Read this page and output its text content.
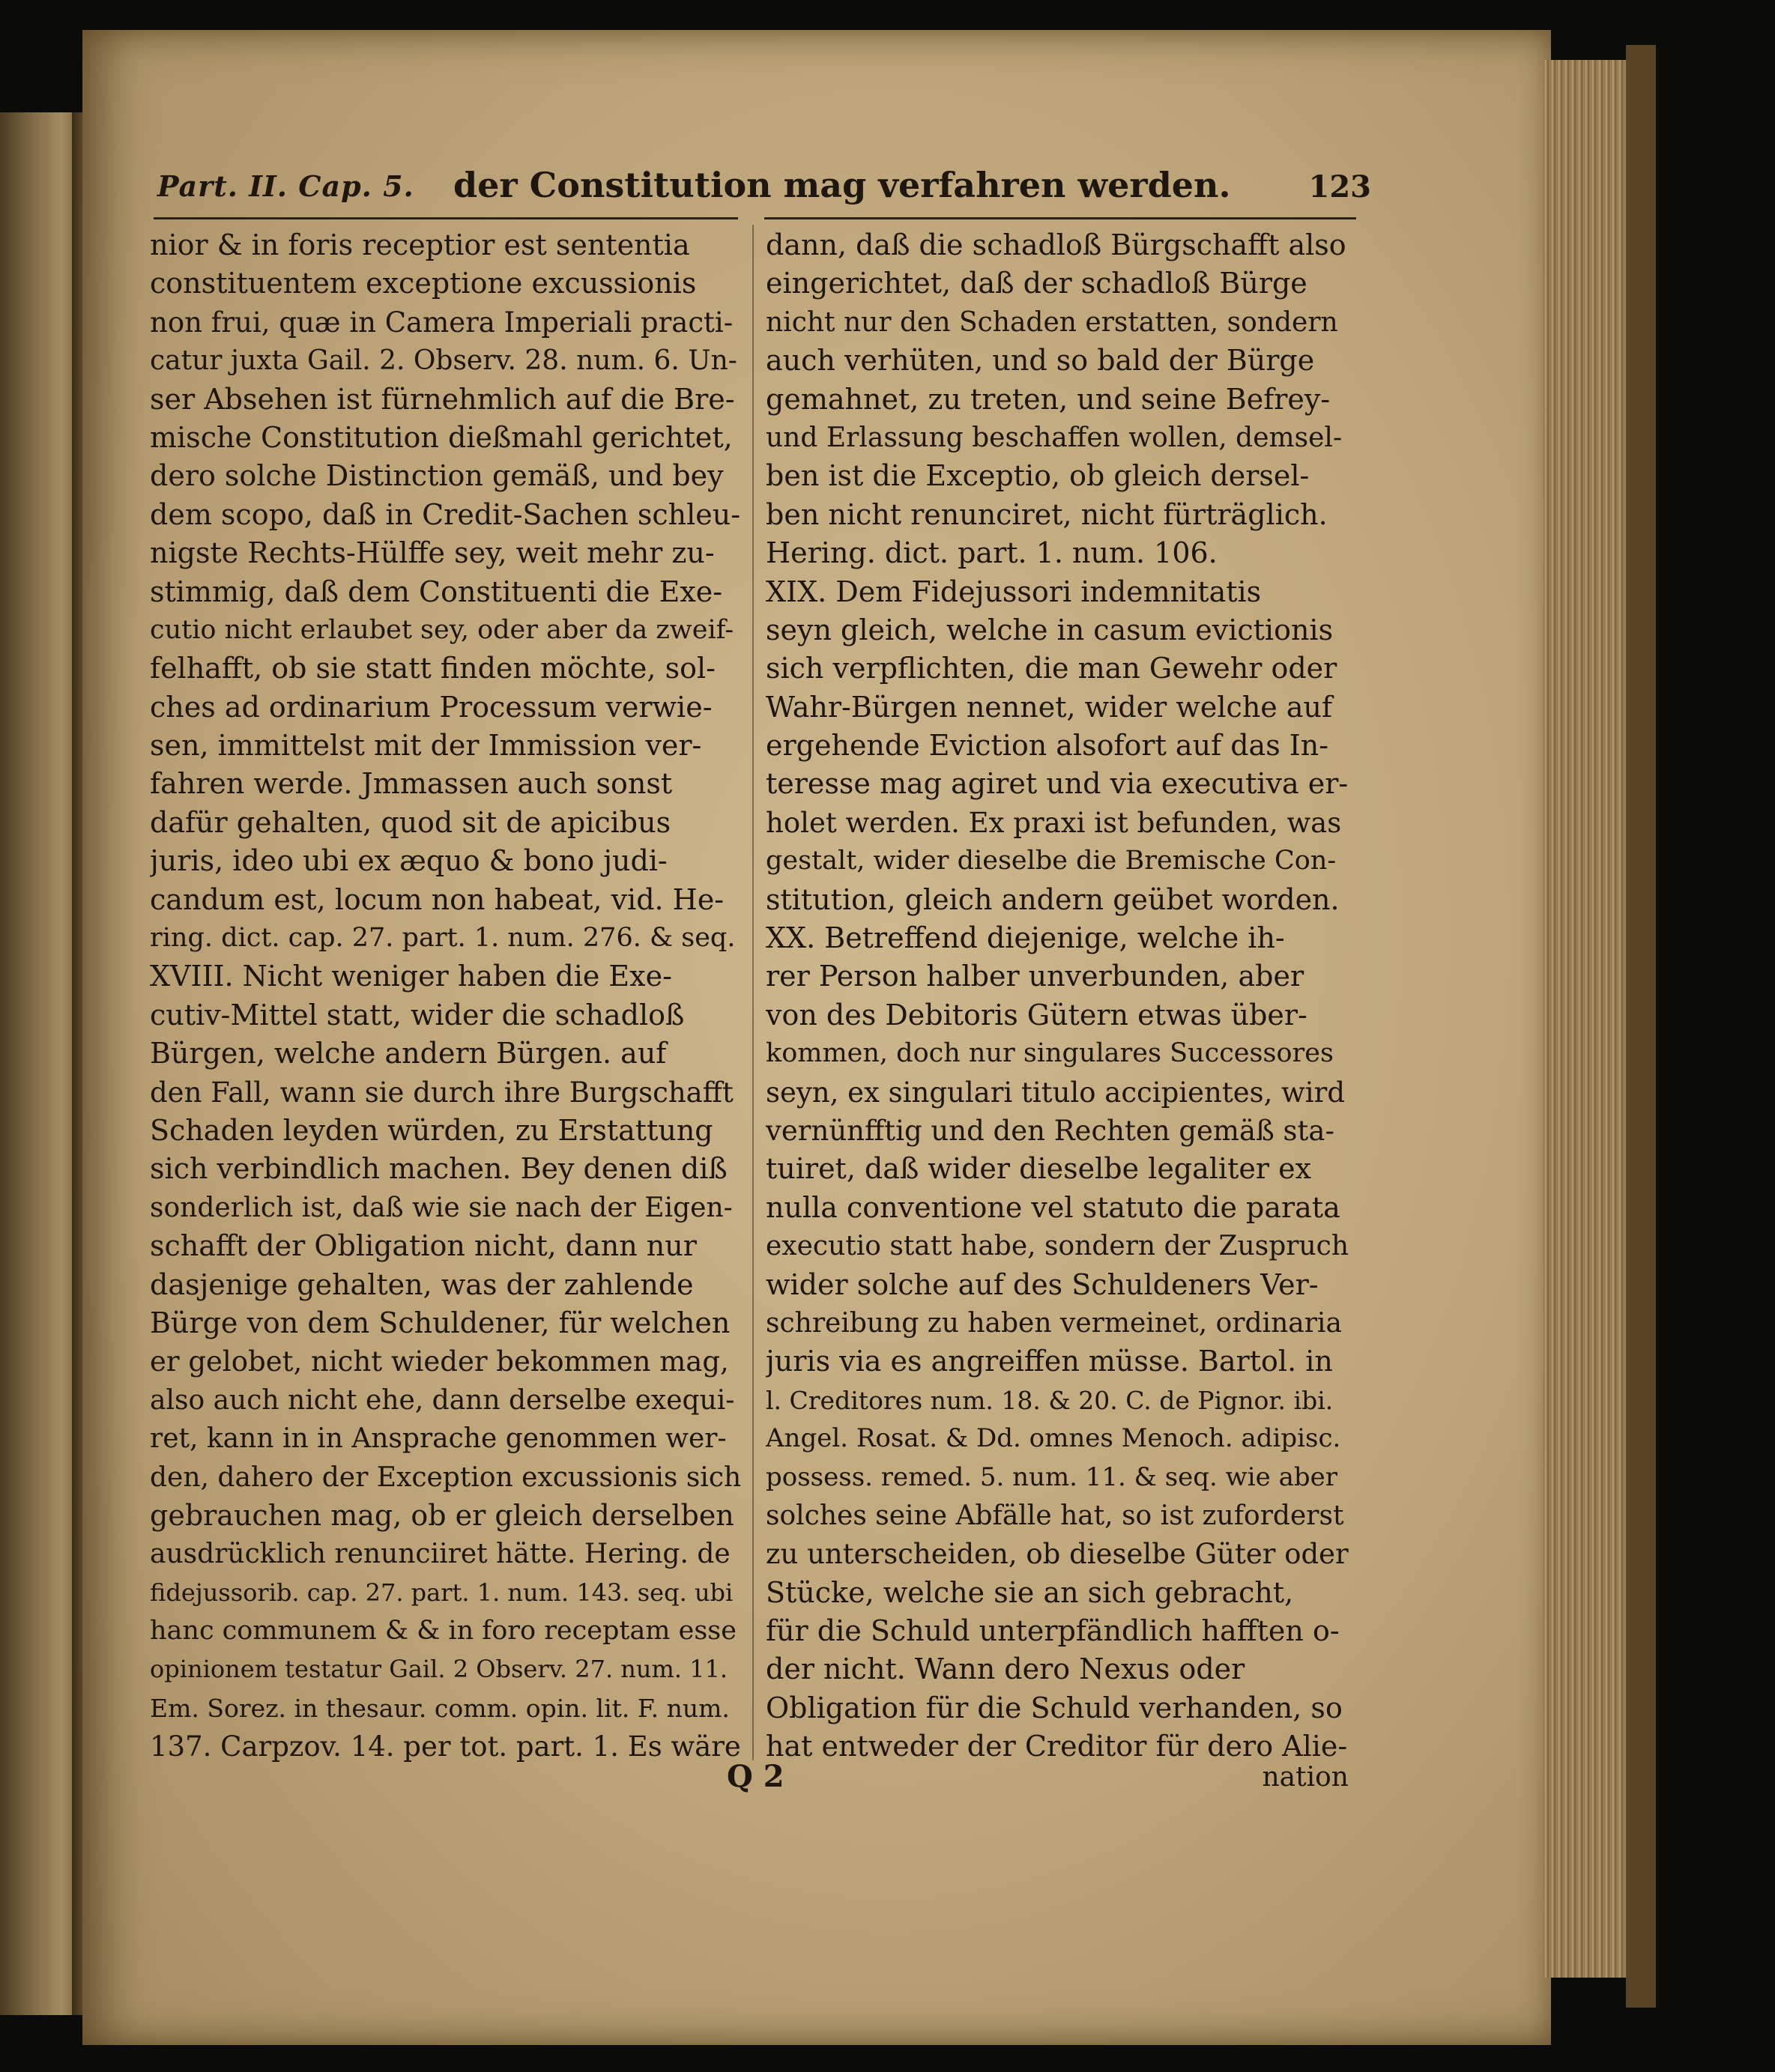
Part. II. Cap. 5. der Constitution mag verfahren werden.	123
nior & in foris receptior est sententia
constituentem exceptione excussionis
non frui, quæ in Camera Imperiali practi-
catur juxta Gail. 2. Observ. 28. num. 6. Un-
ser Absehen ist fürnehmlich auf die Bre-
mische Constitution dießmahl gerichtet,
dero solche Distinction gemäß, und bey
dem scopo, daß in Credit-Sachen schleu-
nigste Rechts-Hülffe sey, weit mehr zu-
stimmig, daß dem Constituenti die Exe-
cutio nicht erlaubet sey, oder aber da zweif-
felhafft, ob sie statt finden möchte, sol-
ches ad ordinarium Processum verwie-
sen, immittelst mit der Immission ver-
fahren werde. Jmmassen auch sonst
dafür gehalten, quod sit de apicibus
juris, ideo ubi ex æquo & bono judi-
candum est, locum non habeat, vid. He-
ring. dict. cap. 27. part. 1. num. 276. & seq.
XVIII. Nicht weniger haben die Exe-
cutiv-Mittel statt, wider die schadloß
Bürgen, welche andern Bürgen. auf
den Fall, wann sie durch ihre Burgschafft
Schaden leyden würden, zu Erstattung
sich verbindlich machen. Bey denen diß
sonderlich ist, daß wie sie nach der Eigen-
schafft der Obligation nicht, dann nur
dasjenige gehalten, was der zahlende
Bürge von dem Schuldener, für welchen
er gelobet, nicht wieder bekommen mag,
also auch nicht ehe, dann derselbe exequi-
ret, kann in in Ansprache genommen wer-
den, dahero der Exception excussionis sich
gebrauchen mag, ob er gleich derselben
ausdrücklich renunciiret hätte. Hering. de
fidejussorib. cap. 27. part. 1. num. 143. seq. ubi
hanc communem & & in foro receptam esse
opinionem testatur Gail. 2 Observ. 27. num. 11.
Em. Sorez. in thesaur. comm. opin. lit. F. num.
137. Carpzov. 14. per tot. part. 1. Es wäre
dann, daß die schadloß Bürgschafft also
eingerichtet, daß der schadloß Bürge
nicht nur den Schaden erstatten, sondern
auch verhüten, und so bald der Bürge
gemahnet, zu treten, und seine Befrey-
und Erlassung beschaffen wollen, demsel-
ben ist die Exceptio, ob gleich dersel-
ben nicht renunciret, nicht fürträglich.
Hering. dict. part. 1. num. 106.
XIX. Dem Fidejussori indemnitatis
seyn gleich, welche in casum evictionis
sich verpflichten, die man Gewehr oder
Wahr-Bürgen nennet, wider welche auf
ergehende Eviction alsofort auf das In-
teresse mag agiret und via executiva er-
holet werden. Ex praxi ist befunden, was
gestalt, wider dieselbe die Bremische Con-
stitution, gleich andern geübet worden.
XX. Betreffend diejenige, welche ih-
rer Person halber unverbunden, aber
von des Debitoris Gütern etwas über-
kommen, doch nur singulares Successores
seyn, ex singulari titulo accipientes, wird
vernünfftig und den Rechten gemäß sta-
tuiret, daß wider dieselbe legaliter ex
nulla conventione vel statuto die parata
executio statt habe, sondern der Zuspruch
wider solche auf des Schuldeners Ver-
schreibung zu haben vermeinet, ordinaria
juris via es angreiffen müsse. Bartol. in
l. Creditores num. 18. & 20. C. de Pignor. ibi.
Angel. Rosat. & Dd. omnes Menoch. adipisc.
possess. remed. 5. num. 11. & seq. wie aber
solches seine Abfälle hat, so ist zuforderst
zu unterscheiden, ob dieselbe Güter oder
Stücke, welche sie an sich gebracht,
für die Schuld unterpfändlich hafften o-
der nicht. Wann dero Nexus oder
Obligation für die Schuld verhanden, so
hat entweder der Creditor für dero Alie-
Q 2	nation
